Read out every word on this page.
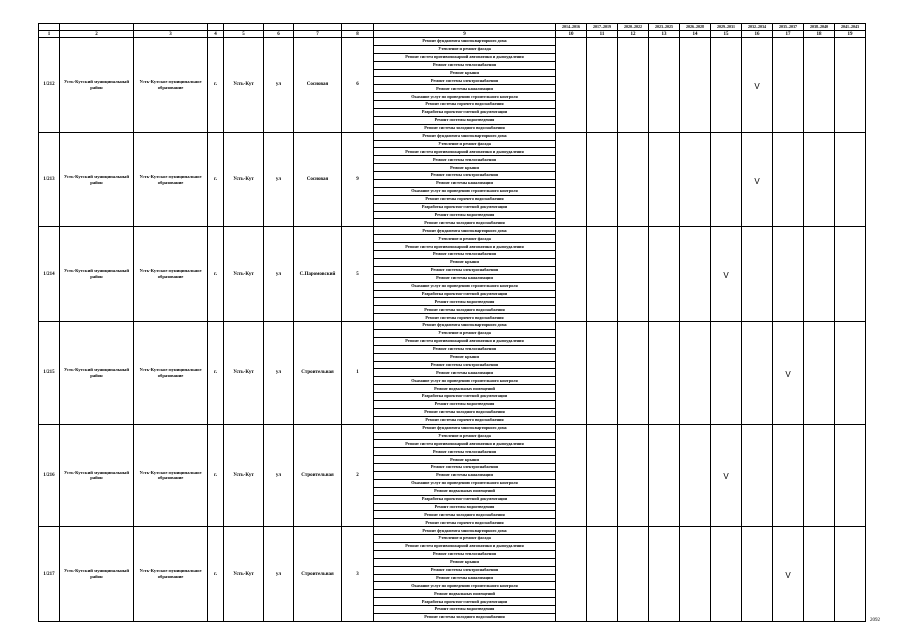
									2014–2016	2017–2019	2020–2022	2023–2025	2026–2028	2029–2031	2032–2034	2035–2037	2038–2040	2041–2043
1	2	3	4	5	6	7	8	9	10	11	12	13	14	15	16	17	18	19
1/212	Усть-Кутский муниципальный район	Усть-Кутское муниципальное образование	г.	Усть-Кут	ул	Сосновая	6	Ремонт фундамента многоквартирного дома							V			
								Утепление и ремонт фасада										
								Ремонт систем противопожарной автоматики и дымоудаления										
								Ремонт системы теплоснабжения										
								Ремонт крыши										
								Ремонт системы электроснабжения										
								Ремонт системы канализации										
								Оказание услуг по проведению строительного контроля										
								Ремонт системы горячего водоснабжения										
								Разработка проектно-сметной документации										
								Ремонт системы водоотведения										
								Ремонт системы холодного водоснабжения										
1/213	Усть-Кутский муниципальный район	Усть-Кутское муниципальное образование	г.	Усть-Кут	ул	Сосновая	9	Ремонт фундамента многоквартирного дома							V			
								Утепление и ремонт фасада										
								Ремонт систем противопожарной автоматики и дымоудаления										
								Ремонт системы теплоснабжения										
								Ремонт крыши										
								Ремонт системы электроснабжения										
								Ремонт системы канализации										
								Оказание услуг по проведению строительного контроля										
								Ремонт системы горячего водоснабжения										
								Разработка проектно-сметной документации										
								Ремонт системы водоотведения										
								Ремонт системы холодного водоснабжения										
1/214	Усть-Кутский муниципальный район	Усть-Кутское муниципальное образование	г.	Усть-Кут	ул	С.Паромовский	5	Ремонт фундамента многоквартирного дома						V				
								Утепление и ремонт фасада										
								Ремонт систем противопожарной автоматики и дымоудаления										
								Ремонт системы теплоснабжения										
								Ремонт крыши										
								Ремонт системы электроснабжения										
								Ремонт системы канализации										
								Оказание услуг по проведению строительного контроля										
								Разработка проектно-сметной документации										
								Ремонт системы водоотведения										
								Ремонт системы холодного водоснабжения										
								Ремонт системы горячего водоснабжения										
1/215	Усть-Кутский муниципальный район	Усть-Кутское муниципальное образование	г.	Усть-Кут	ул	Строительная	1	Ремонт фундамента многоквартирного дома								V		
								Утепление и ремонт фасада										
								Ремонт систем противопожарной автоматики и дымоудаления										
								Ремонт системы теплоснабжения										
								Ремонт крыши										
								Ремонт системы электроснабжения										
								Ремонт системы канализации										
								Оказание услуг по проведению строительного контроля										
								Ремонт подвальных помещений										
								Разработка проектно-сметной документации										
								Ремонт системы водоотведения										
								Ремонт системы холодного водоснабжения										
								Ремонт системы горячего водоснабжения										
1/216	Усть-Кутский муниципальный район	Усть-Кутское муниципальное образование	г.	Усть-Кут	ул	Строительная	2	Ремонт фундамента многоквартирного дома						V				
								Утепление и ремонт фасада										
								Ремонт систем противопожарной автоматики и дымоудаления										
								Ремонт системы теплоснабжения										
								Ремонт крыши										
								Ремонт системы электроснабжения										
								Ремонт системы канализации										
								Оказание услуг по проведению строительного контроля										
								Ремонт подвальных помещений										
								Разработка проектно-сметной документации										
								Ремонт системы водоотведения										
								Ремонт системы холодного водоснабжения										
								Ремонт системы горячего водоснабжения										
1/217	Усть-Кутский муниципальный район	Усть-Кутское муниципальное образование	г.	Усть-Кут	ул	Строительная	3	Ремонт фундамента многоквартирного дома								V		
								Утепление и ремонт фасада										
								Ремонт систем противопожарной автоматики и дымоудаления										
								Ремонт системы теплоснабжения										
								Ремонт крыши										
								Ремонт системы электроснабжения										
								Ремонт системы канализации										
								Оказание услуг по проведению строительного контроля										
								Ремонт подвальных помещений										
								Разработка проектно-сметной документации										
								Ремонт системы водоотведения										
								Ремонт системы холодного водоснабжения										
2092
